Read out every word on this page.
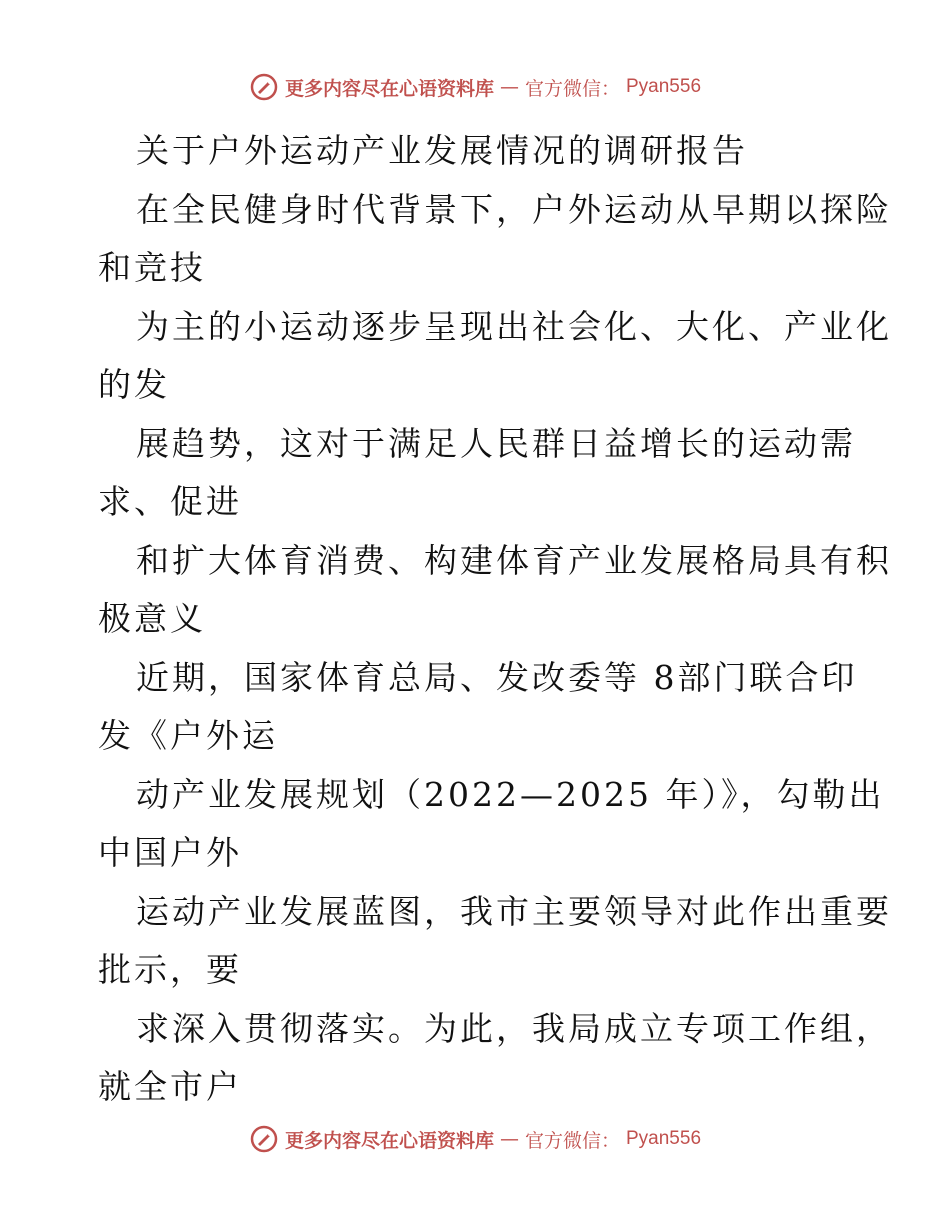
更多内容尽在心语资料库 — 官方微信： Pyan556
关于户外运动产业发展情况的调研报告
在全民健身时代背景下，户外运动从早期以探险
和竞技
为主的小运动逐步呈现出社会化、大化、产业化
的发
展趋势，这对于满足人民群日益增长的运动需
求、促进
和扩大体育消费、构建体育产业发展格局具有积
极意义
近期，国家体育总局、发改委等 8部门联合印
发《户外运
动产业发展规划（2022—2025 年）》，勾勒出
中国户外
运动产业发展蓝图，我市主要领导对此作出重要
批示，要
求深入贯彻落实。为此，我局成立专项工作组，
就全市户
更多内容尽在心语资料库 — 官方微信： Pyan556
